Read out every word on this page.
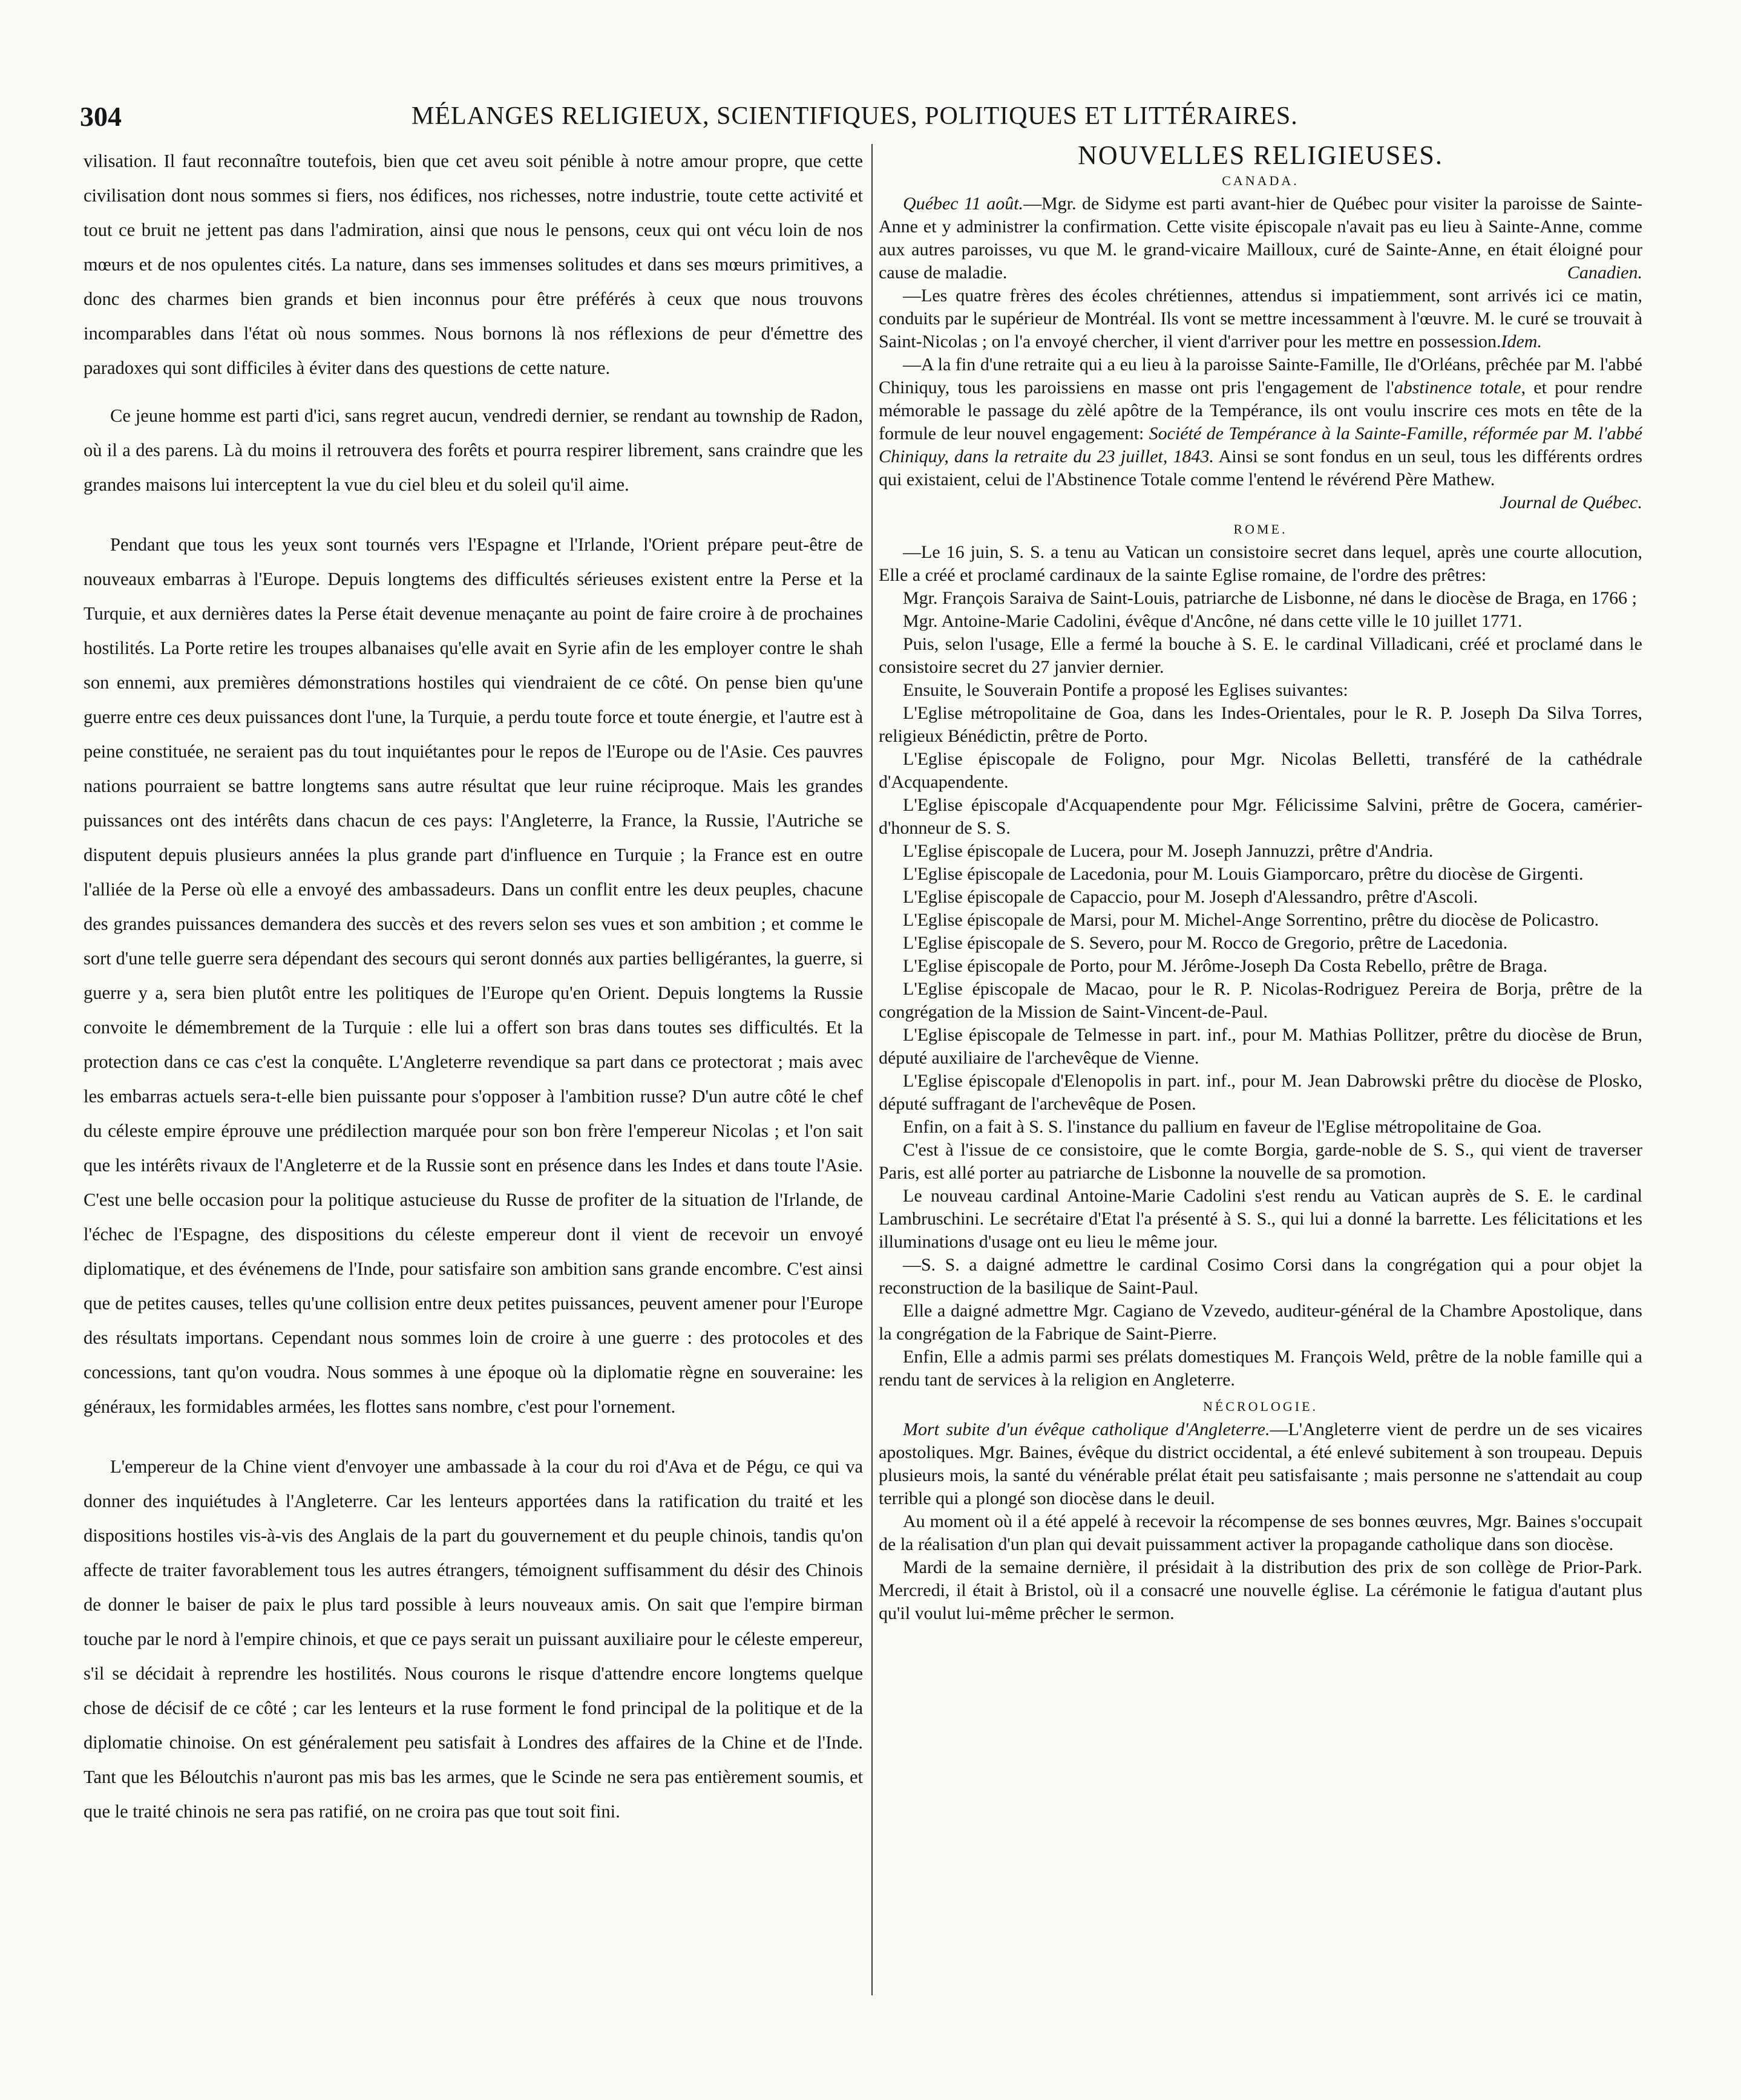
304	MÉLANGES RELIGIEUX, SCIENTIFIQUES, POLITIQUES ET LITTÉRAIRES.

vilisation. Il faut reconnaître toutefois, bien que cet aveu soit pénible à notre amour propre, que cette civilisation dont nous sommes si fiers, nos édifices, nos richesses, notre industrie, toute cette activité et tout ce bruit ne jettent pas dans l'admiration, ainsi que nous le pensons, ceux qui ont vécu loin de nos mœurs et de nos opulentes cités. La nature, dans ses immenses solitudes et dans ses mœurs primitives, a donc des charmes bien grands et bien inconnus pour être préférés à ceux que nous trouvons incomparables dans l'état où nous sommes. Nous bornons là nos réflexions de peur d'émettre des paradoxes qui sont difficiles à éviter dans des questions de cette nature.

Ce jeune homme est parti d'ici, sans regret aucun, vendredi dernier, se rendant au township de Radon, où il a des parens. Là du moins il retrouvera des forêts et pourra respirer librement, sans craindre que les grandes maisons lui interceptent la vue du ciel bleu et du soleil qu'il aime.

Pendant que tous les yeux sont tournés vers l'Espagne et l'Irlande, l'Orient prépare peut-être de nouveaux embarras à l'Europe. Depuis longtems des difficultés sérieuses existent entre la Perse et la Turquie, et aux dernières dates la Perse était devenue menaçante au point de faire croire à de prochaines hostilités. La Porte retire les troupes albanaises qu'elle avait en Syrie afin de les employer contre le shah son ennemi, aux premières démonstrations hostiles qui viendraient de ce côté. On pense bien qu'une guerre entre ces deux puissances dont l'une, la Turquie, a perdu toute force et toute énergie, et l'autre est à peine constituée, ne seraient pas du tout inquiétantes pour le repos de l'Europe ou de l'Asie. Ces pauvres nations pourraient se battre longtems sans autre résultat que leur ruine réciproque. Mais les grandes puissances ont des intérêts dans chacun de ces pays: l'Angleterre, la France, la Russie, l'Autriche se disputent depuis plusieurs années la plus grande part d'influence en Turquie ; la France est en outre l'alliée de la Perse où elle a envoyé des ambassadeurs. Dans un conflit entre les deux peuples, chacune des grandes puissances demandera des succès et des revers selon ses vues et son ambition ; et comme le sort d'une telle guerre sera dépendant des secours qui seront donnés aux parties belligérantes, la guerre, si guerre y a, sera bien plutôt entre les politiques de l'Europe qu'en Orient. Depuis longtems la Russie convoite le démembrement de la Turquie : elle lui a offert son bras dans toutes ses difficultés. Et la protection dans ce cas c'est la conquête. L'Angleterre revendique sa part dans ce protectorat ; mais avec les embarras actuels sera-t-elle bien puissante pour s'opposer à l'ambition russe? D'un autre côté le chef du céleste empire éprouve une prédilection marquée pour son bon frère l'empereur Nicolas ; et l'on sait que les intérêts rivaux de l'Angleterre et de la Russie sont en présence dans les Indes et dans toute l'Asie. C'est une belle occasion pour la politique astucieuse du Russe de profiter de la situation de l'Irlande, de l'échec de l'Espagne, des dispositions du céleste empereur dont il vient de recevoir un envoyé diplomatique, et des événemens de l'Inde, pour satisfaire son ambition sans grande encombre. C'est ainsi que de petites causes, telles qu'une collision entre deux petites puissances, peuvent amener pour l'Europe des résultats importans. Cependant nous sommes loin de croire à une guerre : des protocoles et des concessions, tant qu'on voudra. Nous sommes à une époque où la diplomatie règne en souveraine: les généraux, les formidables armées, les flottes sans nombre, c'est pour l'ornement.

L'empereur de la Chine vient d'envoyer une ambassade à la cour du roi d'Ava et de Pégu, ce qui va donner des inquiétudes à l'Angleterre. Car les lenteurs apportées dans la ratification du traité et les dispositions hostiles vis-à-vis des Anglais de la part du gouvernement et du peuple chinois, tandis qu'on affecte de traiter favorablement tous les autres étrangers, témoignent suffisamment du désir des Chinois de donner le baiser de paix le plus tard possible à leurs nouveaux amis. On sait que l'empire birman touche par le nord à l'empire chinois, et que ce pays serait un puissant auxiliaire pour le céleste empereur, s'il se décidait à reprendre les hostilités. Nous courons le risque d'attendre encore longtems quelque chose de décisif de ce côté ; car les lenteurs et la ruse forment le fond principal de la politique et de la diplomatie chinoise. On est généralement peu satisfait à Londres des affaires de la Chine et de l'Inde. Tant que les Béloutchis n'auront pas mis bas les armes, que le Scinde ne sera pas entièrement soumis, et que le traité chinois ne sera pas ratifié, on ne croira pas que tout soit fini.

NOUVELLES RELIGIEUSES.
CANADA.

Québec 11 août.—Mgr. de Sidyme est parti avant-hier de Québec pour visiter la paroisse de Sainte-Anne et y administrer la confirmation. Cette visite épiscopale n'avait pas eu lieu à Sainte-Anne, comme aux autres paroisses, vu que M. le grand-vicaire Mailloux, curé de Sainte-Anne, en était éloigné pour cause de maladie.	Canadien.

—Les quatre frères des écoles chrétiennes, attendus si impatiemment, sont arrivés ici ce matin, conduits par le supérieur de Montréal. Ils vont se mettre incessamment à l'œuvre. M. le curé se trouvait à Saint-Nicolas ; on l'a envoyé chercher, il vient d'arriver pour les mettre en possession.Idem.

—A la fin d'une retraite qui a eu lieu à la paroisse Sainte-Famille, Ile d'Orléans, prêchée par M. l'abbé Chiniquy, tous les paroissiens en masse ont pris l'engagement de l'abstinence totale, et pour rendre mémorable le passage du zèlé apôtre de la Tempérance, ils ont voulu inscrire ces mots en tête de la formule de leur nouvel engagement: Société de Tempérance à la Sainte-Famille, réformée par M. l'abbé Chiniquy, dans la retraite du 23 juillet, 1843. Ainsi se sont fondus en un seul, tous les différents ordres qui existaient, celui de l'Abstinence Totale comme l'entend le révérend Père Mathew.
Journal de Québec.

ROME.

—Le 16 juin, S. S. a tenu au Vatican un consistoire secret dans lequel, après une courte allocution, Elle a créé et proclamé cardinaux de la sainte Eglise romaine, de l'ordre des prêtres:

Mgr. François Saraiva de Saint-Louis, patriarche de Lisbonne, né dans le diocèse de Braga, en 1766 ;

Mgr. Antoine-Marie Cadolini, évêque d'Ancône, né dans cette ville le 10 juillet 1771.

Puis, selon l'usage, Elle a fermé la bouche à S. E. le cardinal Villadicani, créé et proclamé dans le consistoire secret du 27 janvier dernier.

Ensuite, le Souverain Pontife a proposé les Eglises suivantes:

L'Eglise métropolitaine de Goa, dans les Indes-Orientales, pour le R. P. Joseph Da Silva Torres, religieux Bénédictin, prêtre de Porto.

L'Eglise épiscopale de Foligno, pour Mgr. Nicolas Belletti, transféré de la cathédrale d'Acquapendente.

L'Eglise épiscopale d'Acquapendente pour Mgr. Félicissime Salvini, prêtre de Gocera, camérier-d'honneur de S. S.

L'Eglise épiscopale de Lucera, pour M. Joseph Jannuzzi, prêtre d'Andria.

L'Eglise épiscopale de Lacedonia, pour M. Louis Giamporcaro, prêtre du diocèse de Girgenti.

L'Eglise épiscopale de Capaccio, pour M. Joseph d'Alessandro, prêtre d'Ascoli.

L'Eglise épiscopale de Marsi, pour M. Michel-Ange Sorrentino, prêtre du diocèse de Policastro.

L'Eglise épiscopale de S. Severo, pour M. Rocco de Gregorio, prêtre de Lacedonia.

L'Eglise épiscopale de Porto, pour M. Jérôme-Joseph Da Costa Rebello, prêtre de Braga.

L'Eglise épiscopale de Macao, pour le R. P. Nicolas-Rodriguez Pereira de Borja, prêtre de la congrégation de la Mission de Saint-Vincent-de-Paul.

L'Eglise épiscopale de Telmesse in part. inf., pour M. Mathias Pollitzer, prêtre du diocèse de Brun, député auxiliaire de l'archevêque de Vienne.

L'Eglise épiscopale d'Elenopolis in part. inf., pour M. Jean Dabrowski prêtre du diocèse de Plosko, député suffragant de l'archevêque de Posen.

Enfin, on a fait à S. S. l'instance du pallium en faveur de l'Eglise métropolitaine de Goa.

C'est à l'issue de ce consistoire, que le comte Borgia, garde-noble de S. S., qui vient de traverser Paris, est allé porter au patriarche de Lisbonne la nouvelle de sa promotion.

Le nouveau cardinal Antoine-Marie Cadolini s'est rendu au Vatican auprès de S. E. le cardinal Lambruschini. Le secrétaire d'Etat l'a présenté à S. S., qui lui a donné la barrette. Les félicitations et les illuminations d'usage ont eu lieu le même jour.

—S. S. a daigné admettre le cardinal Cosimo Corsi dans la congrégation qui a pour objet la reconstruction de la basilique de Saint-Paul.

Elle a daigné admettre Mgr. Cagiano de Vzevedo, auditeur-général de la Chambre Apostolique, dans la congrégation de la Fabrique de Saint-Pierre.

Enfin, Elle a admis parmi ses prélats domestiques M. François Weld, prêtre de la noble famille qui a rendu tant de services à la religion en Angleterre.

NÉCROLOGIE.

Mort subite d'un évêque catholique d'Angleterre.—L'Angleterre vient de perdre un de ses vicaires apostoliques. Mgr. Baines, évêque du district occidental, a été enlevé subitement à son troupeau. Depuis plusieurs mois, la santé du vénérable prélat était peu satisfaisante ; mais personne ne s'attendait au coup terrible qui a plongé son diocèse dans le deuil.

Au moment où il a été appelé à recevoir la récompense de ses bonnes œuvres, Mgr. Baines s'occupait de la réalisation d'un plan qui devait puissamment activer la propagande catholique dans son diocèse.

Mardi de la semaine dernière, il présidait à la distribution des prix de son collège de Prior-Park. Mercredi, il était à Bristol, où il a consacré une nouvelle église. La cérémonie le fatigua d'autant plus qu'il voulut lui-même prêcher le sermon.
